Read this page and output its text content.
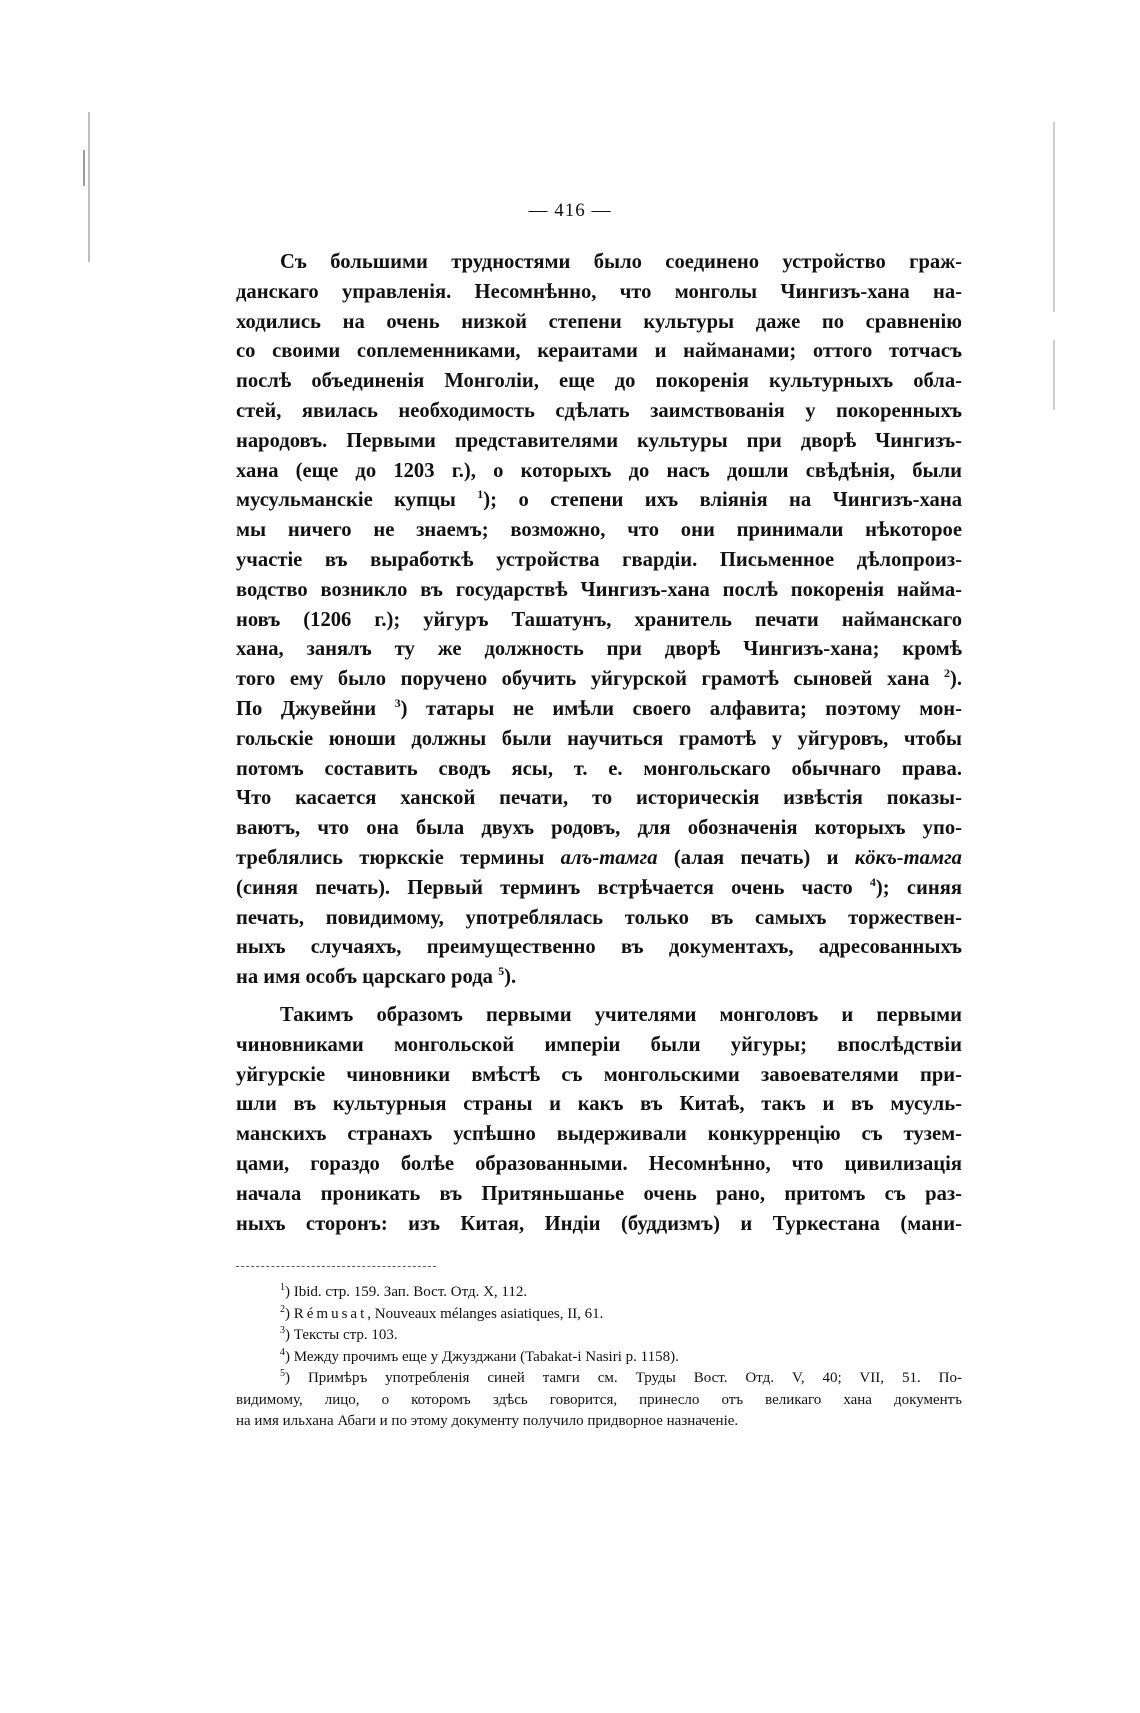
— 416 —

Съ большими трудностями было соединено устройство граж-
данскаго управленія. Несомнѣнно, что монголы Чингизъ-хана на-
ходились на очень низкой степени культуры даже по сравненію
со своими соплеменниками, кераитами и найманами; оттого тотчасъ
послѣ объединенія Монголіи, еще до покоренія культурныхъ обла-
стей, явилась необходимость сдѣлать заимствованія у покоренныхъ
народовъ. Первыми представителями культуры при дворѣ Чингизъ-
хана (еще до 1203 г.), о которыхъ до насъ дошли свѣдѣнія, были
мусульманскіе купцы $^1$); о степени ихъ вліянія на Чингизъ-хана
мы ничего не знаемъ; возможно, что они принимали нѣкоторое
участіе въ выработкѣ устройства гвардіи. Письменное дѣлопроиз-
водство возникло въ государствѣ Чингизъ-хана послѣ покоренія найма-
новъ (1206 г.); уйгуръ Ташатунъ, хранитель печати найманскаго
хана, занялъ ту же должность при дворѣ Чингизъ-хана; кромѣ
того ему было поручено обучить уйгурской грамотѣ сыновей хана $^2$).
По Джувейни $^3$) татары не имѣли своего алфавита; поэтому мон-
гольскіе юноши должны были научиться грамотѣ у уйгуровъ, чтобы
потомъ составить сводъ ясы, т. е. монгольскаго обычнаго права.
Что касается ханской печати, то историческія извѣстія показы-
ваютъ, что она была двухъ родовъ, для обозначенія которыхъ упо-
треблялись тюркскіе термины алъ-тамга (алая печать) и кӧкъ-тамга
(синяя печать). Первый терминъ встрѣчается очень часто $^4$); синяя
печать, повидимому, употреблялась только въ самыхъ торжествен-
ныхъ случаяхъ, преимущественно въ документахъ, адресованныхъ
на имя особъ царскаго рода $^5$).

Такимъ образомъ первыми учителями монголовъ и первыми
чиновниками монгольской имперіи были уйгуры; впослѣдствіи
уйгурскіе чиновники вмѣстѣ съ монгольскими завоевателями при-
шли въ культурныя страны и какъ въ Китаѣ, такъ и въ мусуль-
манскихъ странахъ успѣшно выдерживали конкурренцію съ тузем-
цами, гораздо болѣе образованными. Несомнѣнно, что цивилизація
начала проникать въ Притяньшанье очень рано, притомъ съ раз-
ныхъ сторонъ: изъ Китая, Индіи (буддизмъ) и Туркестана (мани-

$^1$) Ibid. стр. 159. Зап. Вост. Отд. X, 112.
$^2$) Rémusat, Nouveaux mélanges asiatiques, II, 61.
$^3$) Тексты стр. 103.
$^4$) Между прочимъ еще у Джузджани (Tabakat-i Nasiri p. 1158).
$^5$) Примѣръ употребленія синей тамги см. Труды Вост. Отд. V, 40; VII, 51. По-
видимому, лицо, о которомъ здѣсь говорится, принесло отъ великаго хана документъ
на имя ильхана Абаги и по этому документу получило придворное назначеніе.
